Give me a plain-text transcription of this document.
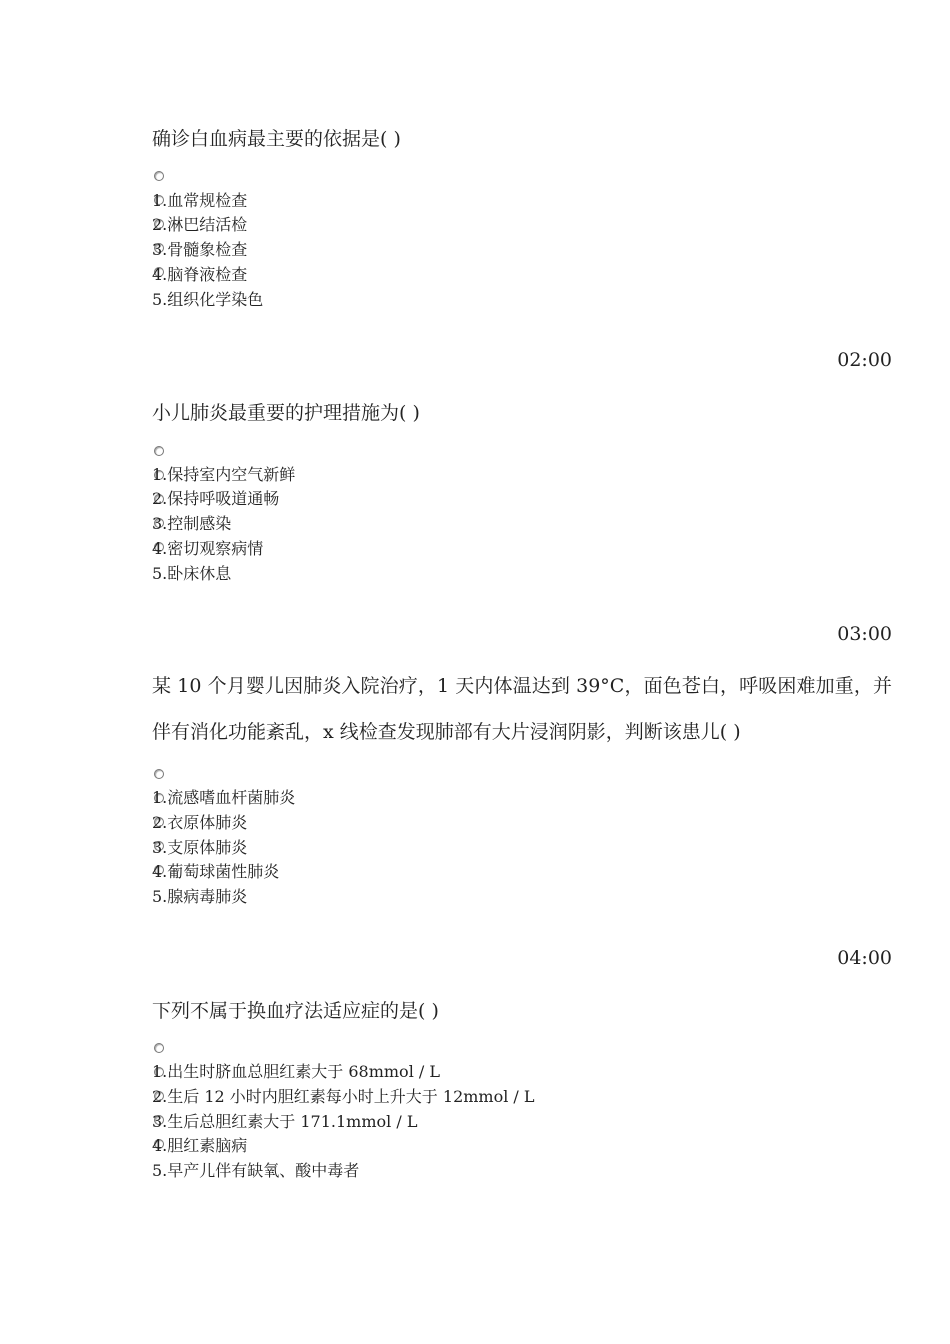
确诊白血病最主要的依据是( )
1.血常规检查
2.淋巴结活检
3.骨髓象检查
4.脑脊液检查
5.组织化学染色
02:00
小儿肺炎最重要的护理措施为( )
1.保持室内空气新鲜
2.保持呼吸道通畅
3.控制感染
4.密切观察病情
5.卧床休息
03:00
某 10 个月婴儿因肺炎入院治疗，1 天内体温达到 39°C，面色苍白，呼吸困难加重，并伴有消化功能紊乱，x 线检查发现肺部有大片浸润阴影，判断该患儿( )
1.流感嗜血杆菌肺炎
2.衣原体肺炎
3.支原体肺炎
4.葡萄球菌性肺炎
5.腺病毒肺炎
04:00
下列不属于换血疗法适应症的是( )
1.出生时脐血总胆红素大于 68mmol / L
2.生后 12 小时内胆红素每小时上升大于 12mmol / L
3.生后总胆红素大于 171.1mmol / L
4.胆红素脑病
5.早产儿伴有缺氧、酸中毒者
